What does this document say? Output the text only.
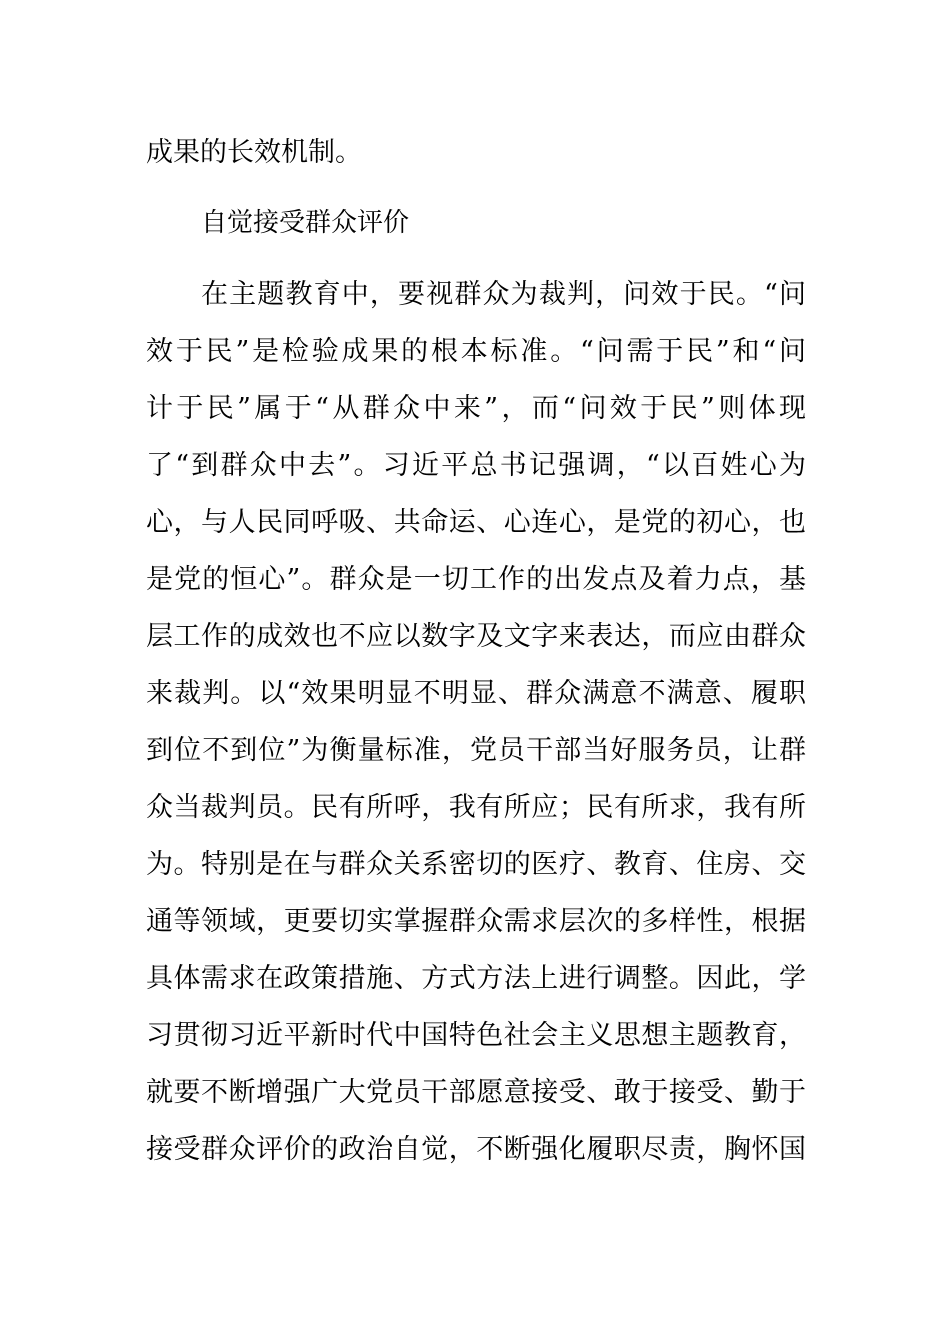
成果的长效机制。
自觉接受群众评价
在主题教育中，要视群众为裁判，问效于民。“问
效于民”是检验成果的根本标准。“问需于民”和“问
计于民”属于“从群众中来”，而“问效于民”则体现
了“到群众中去”。习近平总书记强调，“以百姓心为
心，与人民同呼吸、共命运、心连心，是党的初心，也
是党的恒心”。群众是一切工作的出发点及着力点，基
层工作的成效也不应以数字及文字来表达，而应由群众
来裁判。以“效果明显不明显、群众满意不满意、履职
到位不到位”为衡量标准，党员干部当好服务员，让群
众当裁判员。民有所呼，我有所应；民有所求，我有所
为。特别是在与群众关系密切的医疗、教育、住房、交
通等领域，更要切实掌握群众需求层次的多样性，根据
具体需求在政策措施、方式方法上进行调整。因此，学
习贯彻习近平新时代中国特色社会主义思想主题教育，
就要不断增强广大党员干部愿意接受、敢于接受、勤于
接受群众评价的政治自觉，不断强化履职尽责，胸怀国
